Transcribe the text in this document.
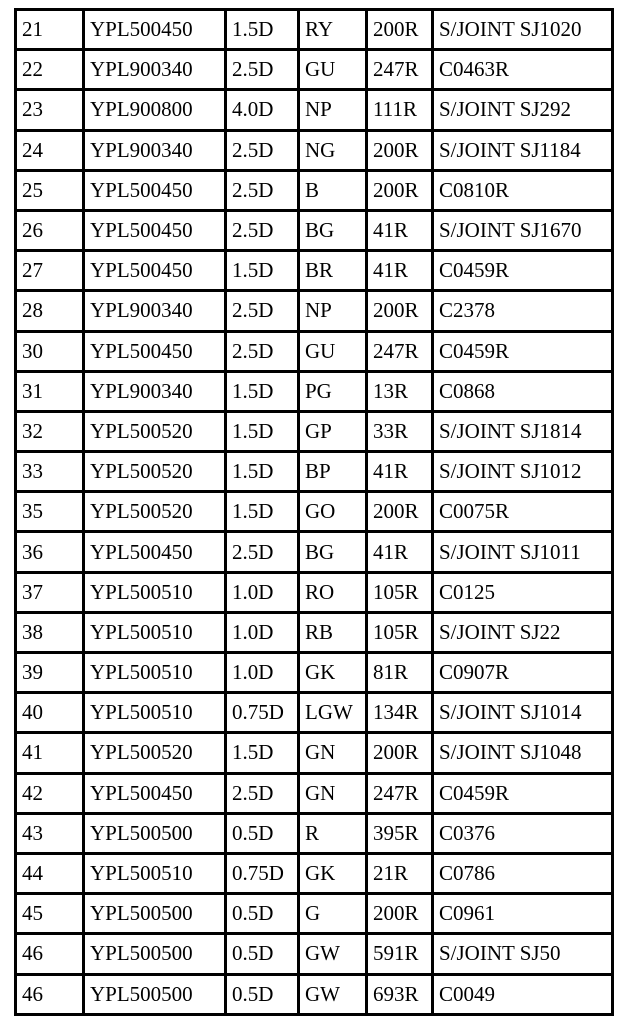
21	YPL500450	1.5D	RY	200R	S/JOINT SJ1020
22	YPL900340	2.5D	GU	247R	C0463R
23	YPL900800	4.0D	NP	111R	S/JOINT SJ292
24	YPL900340	2.5D	NG	200R	S/JOINT SJ1184
25	YPL500450	2.5D	B	200R	C0810R
26	YPL500450	2.5D	BG	41R	S/JOINT SJ1670
27	YPL500450	1.5D	BR	41R	C0459R
28	YPL900340	2.5D	NP	200R	C2378
30	YPL500450	2.5D	GU	247R	C0459R
31	YPL900340	1.5D	PG	13R	C0868
32	YPL500520	1.5D	GP	33R	S/JOINT SJ1814
33	YPL500520	1.5D	BP	41R	S/JOINT SJ1012
35	YPL500520	1.5D	GO	200R	C0075R
36	YPL500450	2.5D	BG	41R	S/JOINT SJ1011
37	YPL500510	1.0D	RO	105R	C0125
38	YPL500510	1.0D	RB	105R	S/JOINT SJ22
39	YPL500510	1.0D	GK	81R	C0907R
40	YPL500510	0.75D	LGW	134R	S/JOINT SJ1014
41	YPL500520	1.5D	GN	200R	S/JOINT SJ1048
42	YPL500450	2.5D	GN	247R	C0459R
43	YPL500500	0.5D	R	395R	C0376
44	YPL500510	0.75D	GK	21R	C0786
45	YPL500500	0.5D	G	200R	C0961
46	YPL500500	0.5D	GW	591R	S/JOINT SJ50
46	YPL500500	0.5D	GW	693R	C0049
